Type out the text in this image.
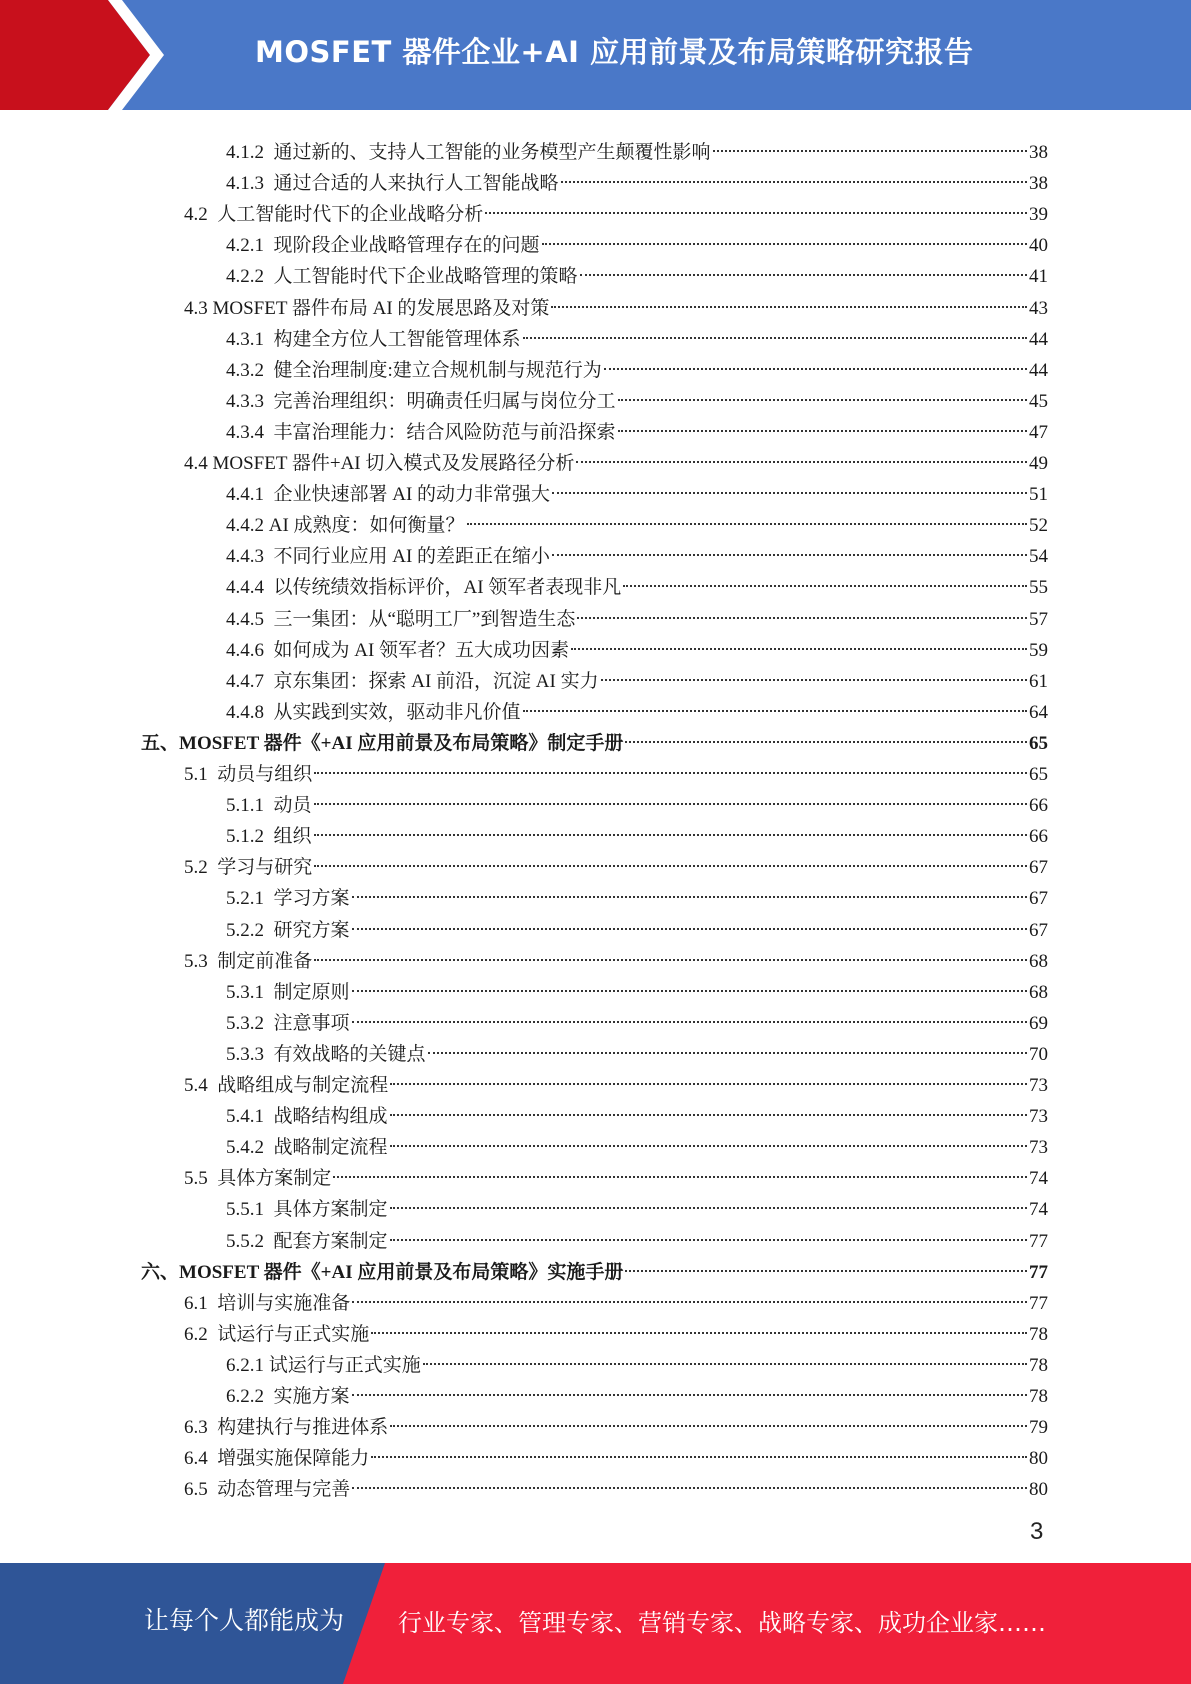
MOSFET 器件企业+AI 应用前景及布局策略研究报告
4.1.2 通过新的、支持人工智能的业务模型产生颠覆性影响	38
4.1.3 通过合适的人来执行人工智能战略	38
4.2 人工智能时代下的企业战略分析	39
4.2.1 现阶段企业战略管理存在的问题	40
4.2.2 人工智能时代下企业战略管理的策略	41
4.3 MOSFET 器件布局 AI 的发展思路及对策	43
4.3.1 构建全方位人工智能管理体系	44
4.3.2 健全治理制度:建立合规机制与规范行为	44
4.3.3 完善治理组织：明确责任归属与岗位分工	45
4.3.4 丰富治理能力：结合风险防范与前沿探索	47
4.4 MOSFET 器件+AI 切入模式及发展路径分析	49
4.4.1 企业快速部署 AI 的动力非常强大	51
4.4.2 AI 成熟度：如何衡量？	52
4.4.3 不同行业应用 AI 的差距正在缩小	54
4.4.4 以传统绩效指标评价，AI 领军者表现非凡	55
4.4.5 三一集团：从“聪明工厂”到智造生态	57
4.4.6 如何成为 AI 领军者？五大成功因素	59
4.4.7 京东集团：探索 AI 前沿，沉淀 AI 实力	61
4.4.8 从实践到实效，驱动非凡价值	64
五、 MOSFET 器件《+AI 应用前景及布局策略》制定手册	65
5.1 动员与组织	65
5.1.1 动员	66
5.1.2 组织	66
5.2 学习与研究	67
5.2.1 学习方案	67
5.2.2 研究方案	67
5.3 制定前准备	68
5.3.1 制定原则	68
5.3.2 注意事项	69
5.3.3 有效战略的关键点	70
5.4 战略组成与制定流程	73
5.4.1 战略结构组成	73
5.4.2 战略制定流程	73
5.5 具体方案制定	74
5.5.1 具体方案制定	74
5.5.2 配套方案制定	77
六、 MOSFET 器件《+AI 应用前景及布局策略》实施手册	77
6.1 培训与实施准备	77
6.2 试运行与正式实施	78
6.2.1 试运行与正式实施	78
6.2.2 实施方案	78
6.3 构建执行与推进体系	79
6.4 增强实施保障能力	80
6.5 动态管理与完善	80
3
让每个人都能成为 行业专家、管理专家、营销专家、战略专家、成功企业家……
